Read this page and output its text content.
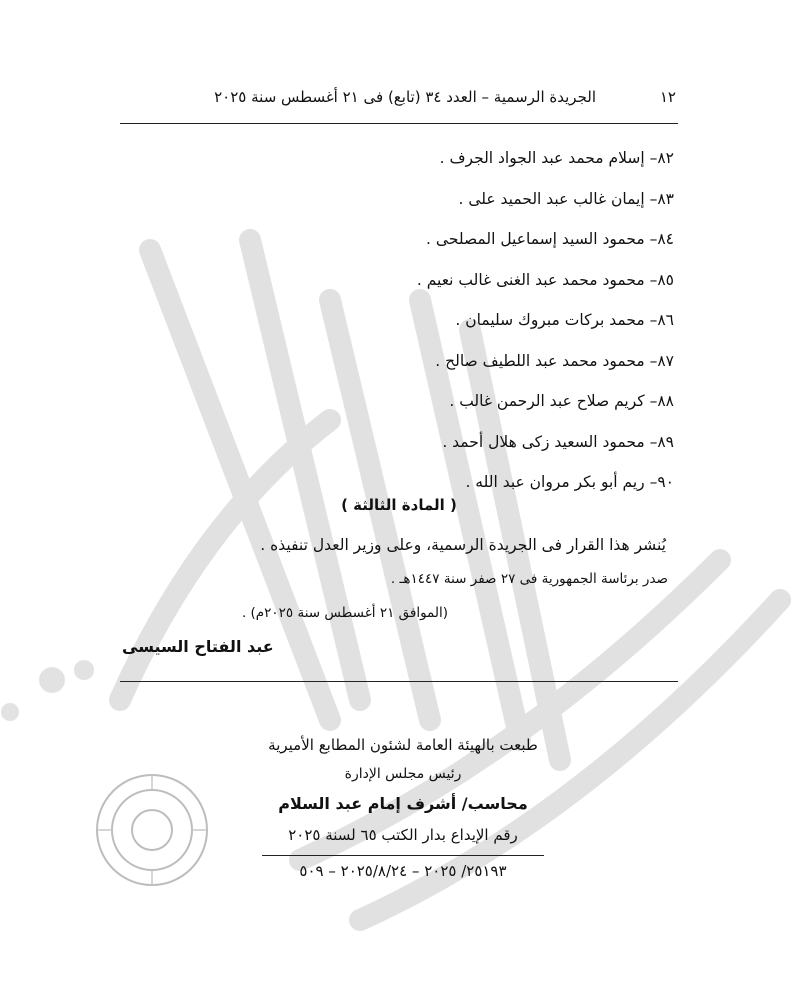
١٢
الجريدة الرسمية – العدد ٣٤ (تابع) فى ٢١ أغسطس سنة ٢٠٢٥
٨٢– إسلام محمد عبد الجواد الجرف .
٨٣– إيمان غالب عبد الحميد على .
٨٤– محمود السيد إسماعيل المصلحى .
٨٥– محمود محمد عبد الغنى غالب نعيم .
٨٦– محمد بركات مبروك سليمان .
٨٧– محمود محمد عبد اللطيف صالح .
٨٨– كريم صلاح عبد الرحمن غالب .
٨٩– محمود السعيد زكى هلال أحمد .
٩٠– ريم أبو بكر مروان عبد الله .
( المادة الثالثة )
يُنشر هذا القرار فى الجريدة الرسمية، وعلى وزير العدل تنفيذه .
صدر برئاسة الجمهورية فى ٢٧ صفر سنة ١٤٤٧هـ .
(الموافق ٢١ أغسطس سنة ٢٠٢٥م) .
عبد الفتاح السيسى
طبعت بالهيئة العامة لشئون المطابع الأميرية
رئيس مجلس الإدارة
محاسب/ أشرف إمام عبد السلام
رقم الإيداع بدار الكتب ٦٥ لسنة ٢٠٢٥
٢٥١٩٣/ ٢٠٢٥ – ٢٠٢٥/٨/٢٤ – ٥٠٩
